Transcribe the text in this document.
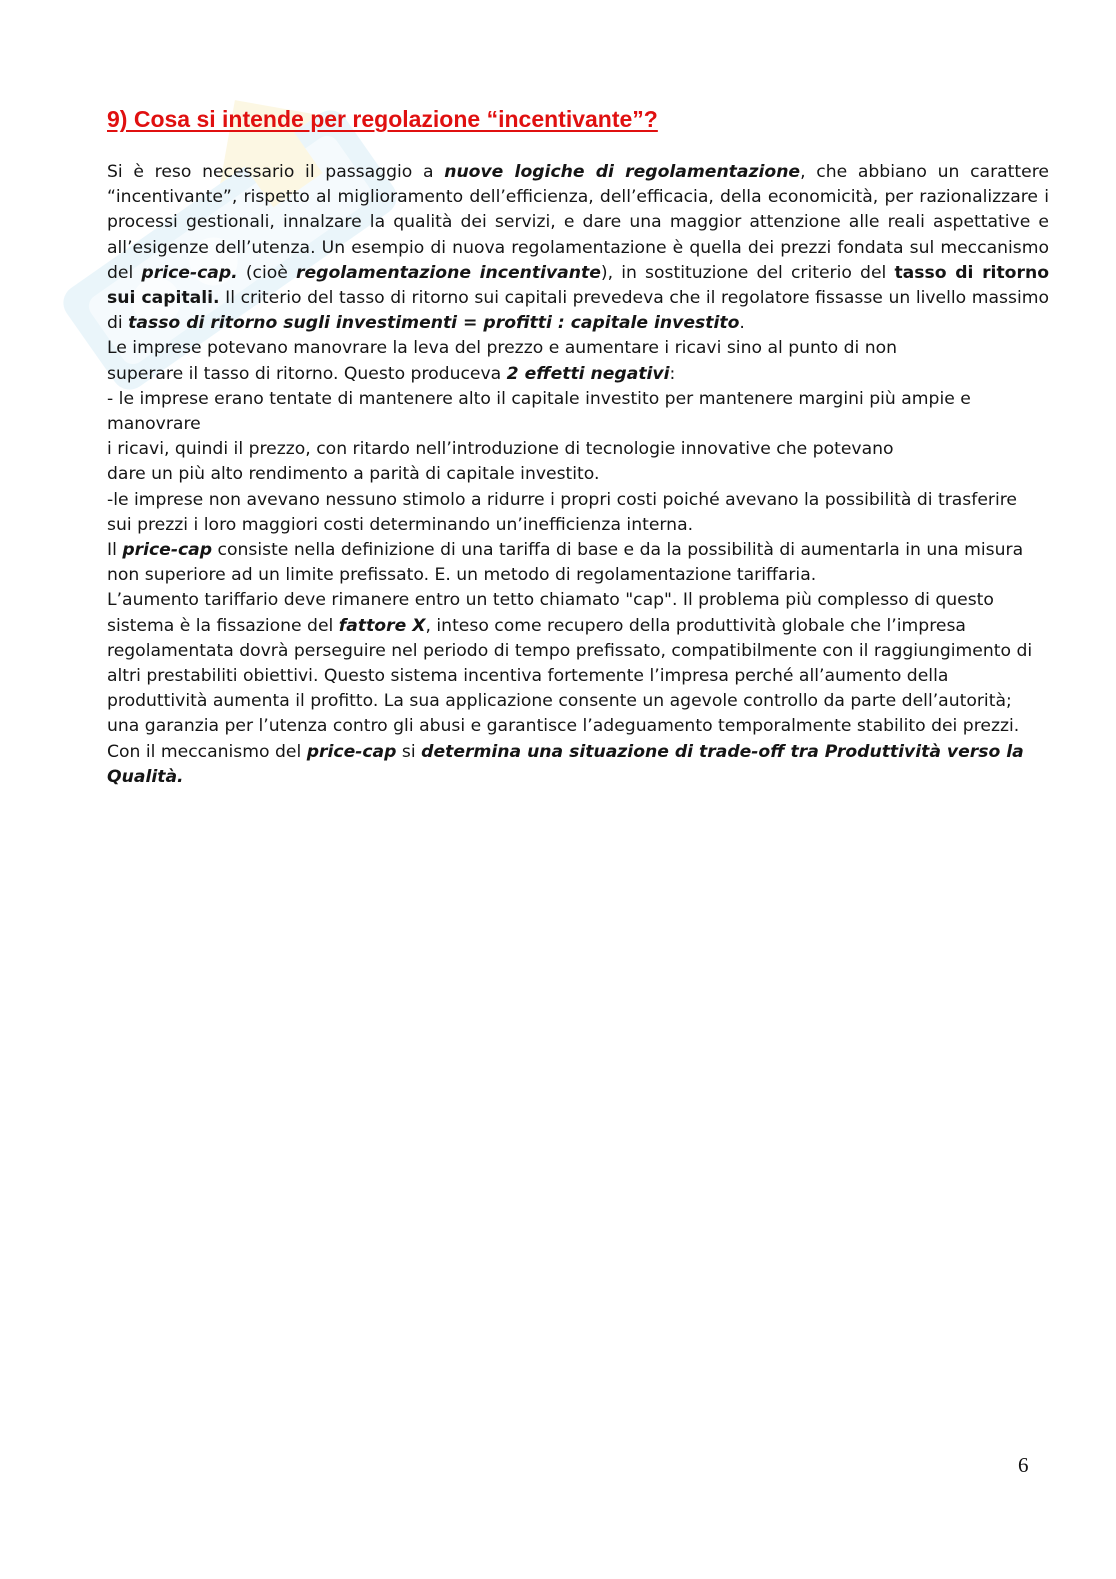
9) Cosa si intende per regolazione “incentivante”?

Si è reso necessario il passaggio a nuove logiche di regolamentazione, che abbiano un carattere “incentivante”, rispetto al miglioramento dell’efficienza, dell’efficacia, della economicità, per razionalizzare i processi gestionali, innalzare la qualità dei servizi, e dare una maggior attenzione alle reali aspettative e all’esigenze dell’utenza. Un esempio di nuova regolamentazione è quella dei prezzi fondata sul meccanismo del price-cap. (cioè regolamentazione incentivante), in sostituzione del criterio del tasso di ritorno sui capitali. Il criterio del tasso di ritorno sui capitali prevedeva che il regolatore fissasse un livello massimo di tasso di ritorno sugli investimenti = profitti : capitale investito.

Le imprese potevano manovrare la leva del prezzo e aumentare i ricavi sino al punto di non
superare il tasso di ritorno. Questo produceva 2 effetti negativi:
- le imprese erano tentate di mantenere alto il capitale investito per mantenere margini più ampie e manovrare
i ricavi, quindi il prezzo, con ritardo nell’introduzione di tecnologie innovative che potevano
dare un più alto rendimento a parità di capitale investito.
-le imprese non avevano nessuno stimolo a ridurre i propri costi poiché avevano la possibilità di trasferire
sui prezzi i loro maggiori costi determinando un’inefficienza interna.
Il price-cap consiste nella definizione di una tariffa di base e da la possibilità di aumentarla in una misura
non superiore ad un limite prefissato. E. un metodo di regolamentazione tariffaria.
L’aumento tariffario deve rimanere entro un tetto chiamato "cap". Il problema più complesso di questo
sistema è la fissazione del fattore X, inteso come recupero della produttività globale che l’impresa
regolamentata dovrà perseguire nel periodo di tempo prefissato, compatibilmente con il raggiungimento di
altri prestabiliti obiettivi. Questo sistema incentiva fortemente l’impresa perché all’aumento della
produttività aumenta il profitto. La sua applicazione consente un agevole controllo da parte dell’autorità;
una garanzia per l’utenza contro gli abusi e garantisce l’adeguamento temporalmente stabilito dei prezzi.
Con il meccanismo del price-cap si determina una situazione di trade-off tra Produttività verso la Qualità.

6
